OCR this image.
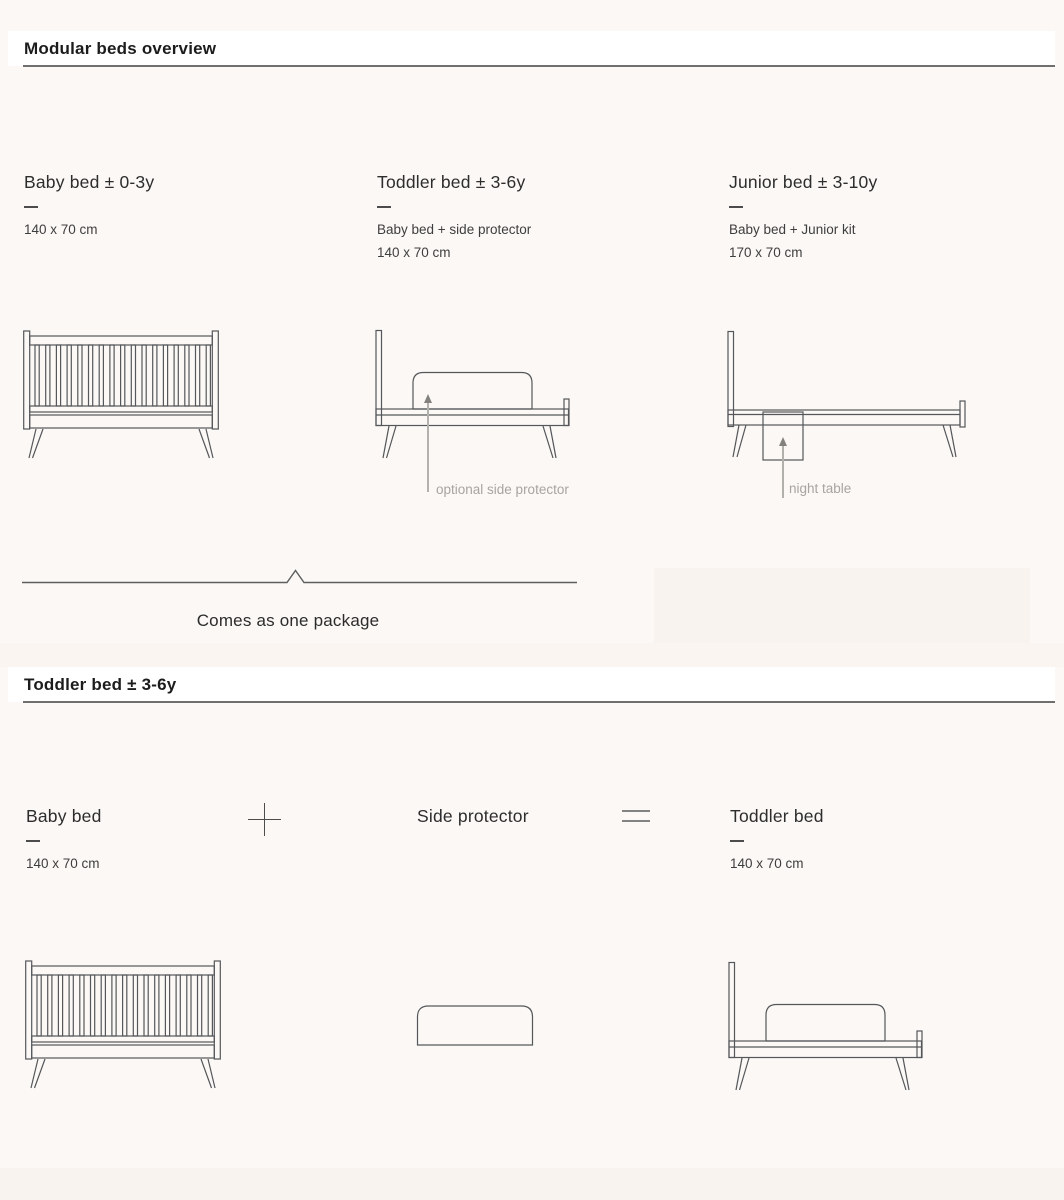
Modular beds overview
Baby bed ± 0-3y
140 x 70 cm
Toddler bed ± 3-6y
Baby bed + side protector
140 x 70 cm
Junior bed ± 3-10y
Baby bed + Junior kit
170 x 70 cm
optional side protector	night table
Comes as one package
Toddler bed ± 3-6y
Baby bed
140 x 70 cm
Side protector	Toddler bed
140 x 70 cm
